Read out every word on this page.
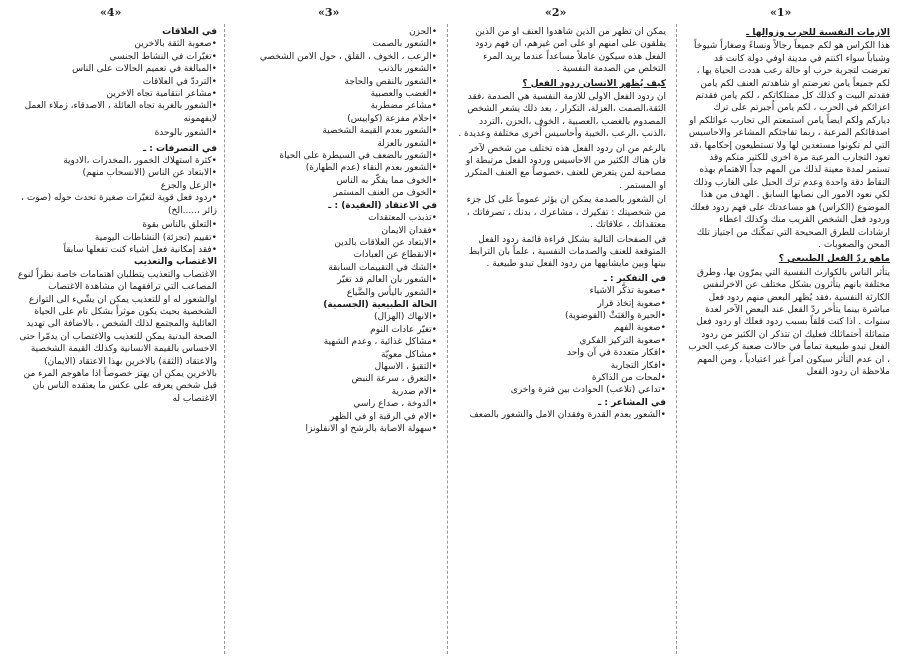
«1»
«2»
«3»
«4»
الازمات النفسية للحرب وزوالها ـ

هذا الكراس هو لكم جميعاً رجالاً ونساءً وصغاراً شيوخاً وشباباً سواء اكنتم في مدينة اوفي دولة كانت قد تعرضت لتجربة حرب او حالة رعب هددت الحياة بها ، لكم جميعاً يامن تعرضتم او شاهدتم العنف لكم يامن فقدتم البيت و كذلك كل ممتلكاتكم ، لكم يامن فقدتم اعزائكم في الحرب ، لكم يامن اُجبرتم على ترك دياركم ولكم ايضاً يامن استمعتم الى تجارب عوائلكم او اصدقائكم المرعبة ، ربما تفاجئكم المشاعر والاحاسيس التي لم تكونوا مستعدين لها ولا تستطيعون إحكامها ،قد تعود التجارب المرعبة مرة اخرى للكثير منكم وقد تستمر لمدة معينة لذلك من المهم جداً الاهتمام بهذه النقاط دقة واحدة وعدم ترك الحبل على الغارب وذلك لكي نعود الامور الى نصابها السابق . الهدف من هذا الموضوع (الكراس) هو مساعدتك على فهم ردود فعلك وردود فعل الشخص القريب منك وكذلك اعطاء ارشادات للطرق الصحيحة التي تمكّنك من اجتياز تلك المحن والصعوبات .

ماهو ردّ الفعل الطبيعي ؟

يتأثر الناس بالكوارث النفسية التي يمرّون بها، وطرق مختلفة بانهم يتأثرون بشكل مختلف عن الاخرلنفس الكارثة النفسية ،فقد يُظهر البعض منهم ردود فعل مباشرة بينما يتأخر ردّ الفعل عند البعض الآخر لعدة سنوات . اذا كنت قلقاً بسبب ردود فعلك او ردود فعل متماثلة أحتماثلك فعليك ان تتذكر ان الكثير من ردود الفعل تبدو طبيعية تماماً في حالات صعبة كرعب الحرب ، ان عدم التأثر سيكون امراً غير اعتيادياً ، ومن المهم ملاحظة ان ردود الفعل

يمكن ان تظهر من الذين شاهدوا العنف او من الذين يقلقون على امنهم او على امن غيرهم، ان فهم ردود الفعل هذه سيكون عاملاً مساعداً عندما يريد المرء التخلص من الصدمة النفسية .

كيف يُظهر الانسان ردود الفعل ؟

ان ردود الفعل الاولى للازمة النفسية هي الصدمة ،فقد الثقة،الصمت ،العزلة، التكرار ، بعد ذلك يشعر الشخص المصدوم بالغضب ،العصبية ، الخوف ،الحزن ،التردد ،الذنب ،الرعب ،الخيبة وأحاسيس أُخرى مختلفة وعديدة .

بالرغم من ان ردود الفعل هذه تختلف من شخص لآخر فان هناك الكثير من الاحاسيس وردود الفعل مرتبطة او مصاحبة لمن يتعرض للعنف ،خصوصاً مع العنف المتكرر او المستمر .

ان الشعور بالصدمة يمكن ان يؤثر عموماً على كل جزء من شخصيتك : تفكيرك ، مشاعرك ، بدنك ، تصرفاتك ، معتقداتك ، علاقاتك .

في الصفحات التالية بشكل قراءة قائمة ردود الفعل المتوقعة للعنف والصدمات النفسية ، علماً بان الترابط بينها وبين مايشابهها من ردود الفعل تبدو طبيعية .

في التفكير : ـ

•صعوبة تذكّر الاشياء

•صعوبة إتخاذ قرار

•الحيرة والعَبَثْ (الفوضوية)

•صعوبة الفهم

•صعوبة التركيز الفكري

•افكار متعددة في آن واحد

•افكار التجاربة

•لمحات من الذاكرة

•تداعي (تلاعب) الحوادث بين فترة واخرى

في المشاعر : ـ

•الشعور بعدم القدرة وفقدان الامل والشعور بالضعف

•الحزن

•الشعور بالصمت

•الرعب ، الخوف ، القلق ، حول الامن الشخصي

•الشعور بالذنب

•الشعور بالنقص والحاجة

•الغضب والعصبية

•مشاعر مضطربة

•احلام مفزعة (كوابيس)

•الشعور بعدم القيمة الشخصية

•الشعور بالعزلة

•الشعور بالضعف في السيطرة على الحياة

•الشعور بعدم النقاء (عدم الطهارة)

•الخوف مما يفكّر به الناس

•الخوف من العنف المستمر

في الاعتقاد (العقيدة) : ـ

•تذبذب المعتقدات

•فقدان الايمان

•الابتعاد عن العلاقات بالدين

•الانقطاع عن العبادات

•الشك في التقييمات السابقة

•الشعور بان العالم قد تغيّر

•الشعور باليأس والضَّياع

الحالة الطبيعية (الجسمية)

•الانهاك (الهزال)

•تغيّر عادات النوم

•مشاكل غذائية ، وعدم الشهية

•مشاكل معويّة

•التقيؤ ، الاسهال

•التعرق ، سرعة النبض

•الام صدرية

•الدوخة ، صداع راسي

•الام في الرقبة او في الظهر

•سهولة الاصابة بالرشح او الانفلونزا

في العلاقات

•صعوبة الثقة بالاخرين

•تغيّرات في النشاط الجنسي

•المبالغة في تعميم الحالات على الناس

•الترددّ في العلاقات

•مشاعر انتقامية تجاه الاخرين

•الشعور بالغربة تجاه العائلة ، الاصدقاء، زملاء العمل لايفهمونه

•الشعور بالوحدة

في التصرفات : ـ

•كثرة استهلاك الخمور ،المخدرات ،الادوية

•الابتعاد عن الناس (الانسحاب منهم)

•الزعل والجزع

•ردود فعل قوية لتغيّرات صغيرة تحدث حوله (صوت ، زائر ،.....الخ)

•التعلق بالناس بقوة

•تقييم (تجزئة) النشاطات اليومية

•فقد إمكانية فعل اشياء كنت تفعلها سابقاً

الاغتصاب والتعذيب

الاغتصاب والتعذيب يتطلبان اهتمامات خاصة نظراً لنوع المصاعب التي ترافقهما ان مشاهدة الاغتصاب اوالشعور له او للتعذيب يمكن ان يشّيء الى التوازع الشخصية بحيث يكون موثراً بشكل تام على الحياة العائلية والمجتمع لذلك الشخص ، بالاضافة الى تهديد الصحة البدنية يمكن للتعذيب والاغتصاب ان يدمّرا حتى الاحساس بالقيمة الانسانية وكذلك القيمة الشخصية والاعتقاد (الثقة) بالاخرين بهذا الاعتقاد (الايمان) بالاخرين يمكن ان يهتز خصوصاً اذا ماهوجم المرء من قبل شخص يعرفه على عكس ما يعتقده الناس بان الاغتصاب له
